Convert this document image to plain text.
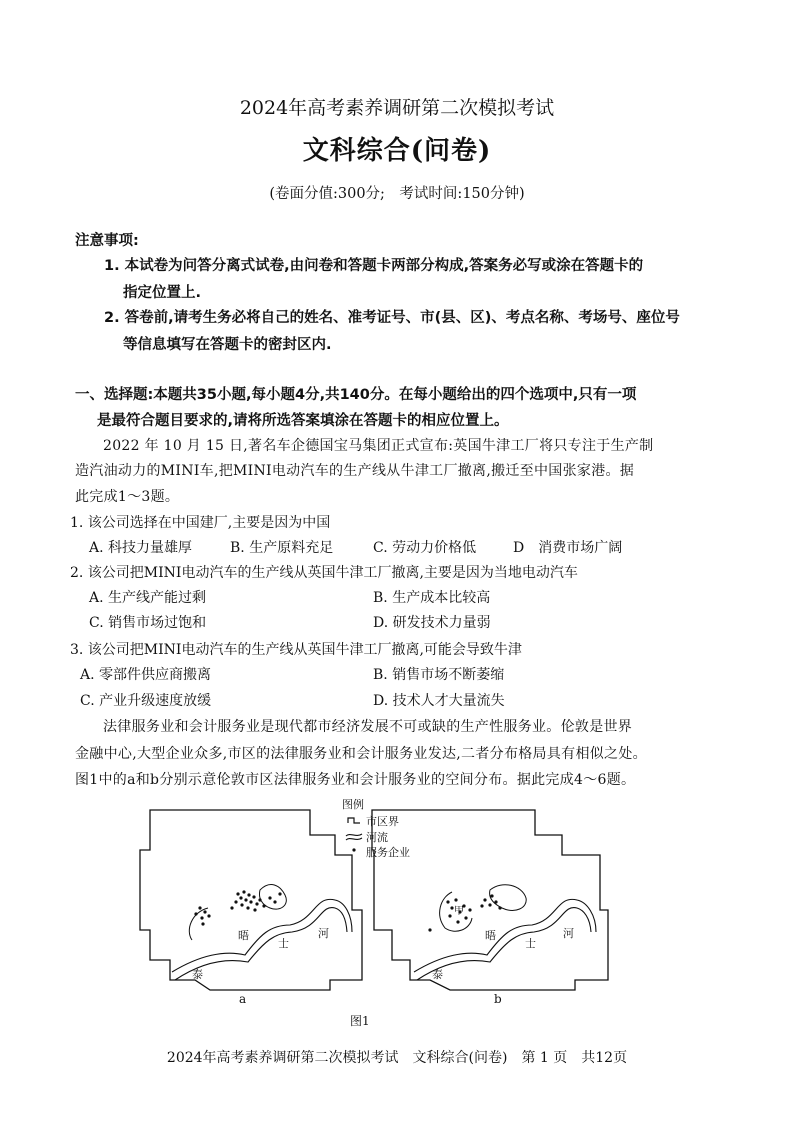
2024年高考素养调研第二次模拟考试
文科综合(问卷)
(卷面分值:300分;　考试时间:150分钟)
注意事项:
1. 本试卷为问答分离式试卷,由问卷和答题卡两部分构成,答案务必写或涂在答题卡的
指定位置上.
2. 答卷前,请考生务必将自己的姓名、准考证号、市(县、区)、考点名称、考场号、座位号
等信息填写在答题卡的密封区内.
一、选择题:本题共35小题,每小题4分,共140分。在每小题给出的四个选项中,只有一项
是最符合题目要求的,请将所选答案填涂在答题卡的相应位置上。
2022 年 10 月 15 日,著名车企德国宝马集团正式宣布:英国牛津工厂将只专注于生产制
造汽油动力的MINI车,把MINI电动汽车的生产线从牛津工厂撤离,搬迁至中国张家港。据
此完成1～3题。
1. 该公司选择在中国建厂,主要是因为中国
A. 科技力量雄厚	B. 生产原料充足	C. 劳动力价格低	D　消费市场广阔
2. 该公司把MINI电动汽车的生产线从英国牛津工厂撤离,主要是因为当地电动汽车
A. 生产线产能过剩	B. 生产成本比较高
C. 销售市场过饱和	D. 研发技术力量弱
3. 该公司把MINI电动汽车的生产线从英国牛津工厂撤离,可能会导致牛津
A. 零部件供应商搬离	B. 销售市场不断萎缩
C. 产业升级速度放缓	D. 技术人才大量流失
法律服务业和会计服务业是现代都市经济发展不可或缺的生产性服务业。伦敦是世界
金融中心,大型企业众多,市区的法律服务业和会计服务业发达,二者分布格局具有相似之处。
图1中的a和b分别示意伦敦市区法律服务业和会计服务业的空间分布。据此完成4～6题。
图例
市区界
河流
服务企业
晤
士
河
泰
晤
士
河
泰
甲
a	b
图1
2024年高考素养调研第二次模拟考试　文科综合(问卷)　第 1 页　共12页
